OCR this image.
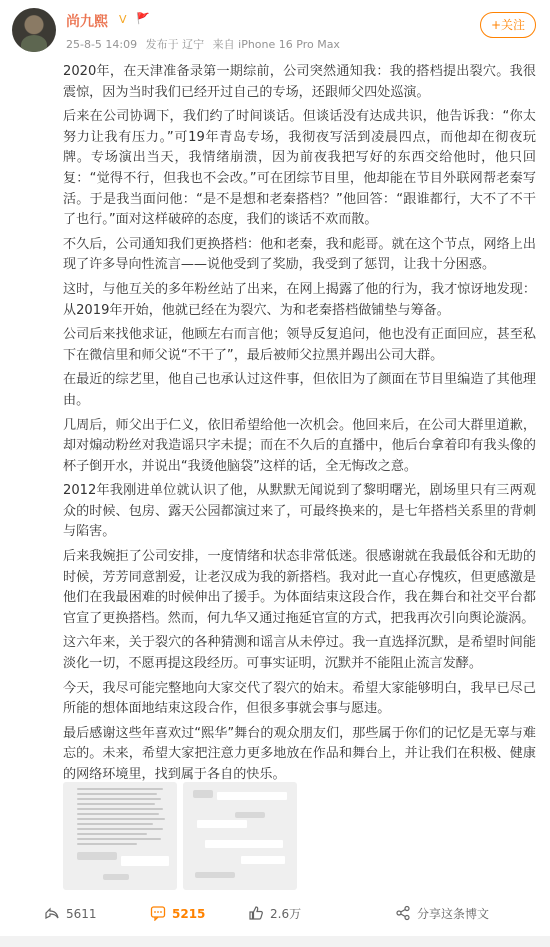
尚九熙 V 🚩
25-8-5 14:09 发布于 辽宁 来自 iPhone 16 Pro Max
+关注

2020年，在天津准备录第一期综前，公司突然通知我：我的搭档提出裂穴。我很震惊，因为当时我们已经开过自己的专场，还跟师父四处巡演。

后来在公司协调下，我们约了时间谈话。但谈话没有达成共识，他告诉我：“你太努力让我有压力。”可19年青岛专场，我彻夜写活到凌晨四点，而他却在彻夜玩牌。专场演出当天，我情绪崩溃，因为前夜我把写好的东西交给他时，他只回复：“觉得不行，但我也不会改。”可在团综节目里，他却能在节目外联网帮老秦写活。于是我当面问他：“是不是想和老秦搭档？”他回答：“跟谁都行，大不了不干了也行。”面对这样破碎的态度，我们的谈话不欢而散。

不久后，公司通知我们更换搭档：他和老秦，我和彪哥。就在这个节点，网络上出现了许多导向性流言——说他受到了奖励，我受到了惩罚，让我十分困惑。

这时，与他互关的多年粉丝站了出来，在网上揭露了他的行为，我才惊讶地发现：从2019年开始，他就已经在为裂穴、为和老秦搭档做铺垫与筹备。

公司后来找他求证，他顾左右而言他；领导反复追问，他也没有正面回应，甚至私下在微信里和师父说“不干了”，最后被师父拉黑并踢出公司大群。

在最近的综艺里，他自己也承认过这件事，但依旧为了颜面在节目里编造了其他理由。

几周后，师父出于仁义，依旧希望给他一次机会。他回来后，在公司大群里道歉，却对煽动粉丝对我造谣只字未提；而在不久后的直播中，他后台拿着印有我头像的杯子倒开水，并说出“我烫他脑袋”这样的话，全无悔改之意。

2012年我刚进单位就认识了他，从默默无闻说到了黎明曙光，剧场里只有三两观众的时候、包房、露天公园都演过来了，可最终换来的，是七年搭档关系里的背刺与陷害。

后来我婉拒了公司安排，一度情绪和状态非常低迷。很感谢就在我最低谷和无助的时候，芳芳同意割爱，让老汉成为我的新搭档。我对此一直心存愧疚，但更感激是他们在我最困难的时候伸出了援手。为体面结束这段合作，我在舞台和社交平台都官宣了更换搭档。然而，何九华又通过拖延官宣的方式，把我再次引向舆论漩涡。

这六年来，关于裂穴的各种猜测和谣言从未停过。我一直选择沉默，是希望时间能淡化一切，不愿再提这段经历。可事实证明，沉默并不能阻止流言发酵。

今天，我尽可能完整地向大家交代了裂穴的始末。希望大家能够明白，我早已尽己所能的想体面地结束这段合作，但很多事就会事与愿违。

最后感谢这些年喜欢过“熙华”舞台的观众朋友们，那些属于你们的记忆是无辜与难忘的。未来，希望大家把注意力更多地放在作品和舞台上，并让我们在积极、健康的网络环境里，找到属于各自的快乐。

5611	5215	2.6万	分享这条博文
